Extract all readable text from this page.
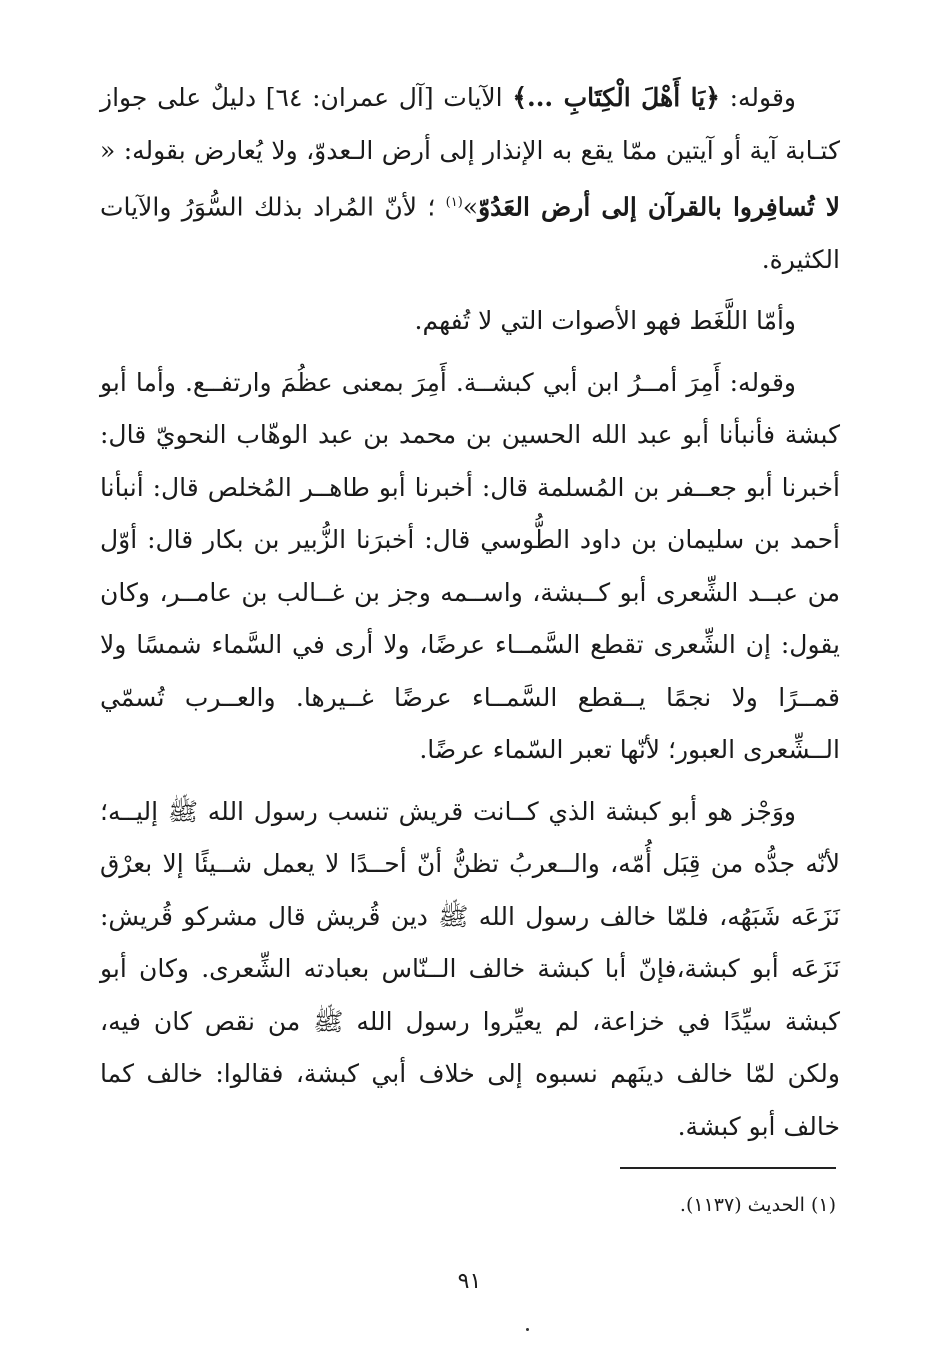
وقوله: ﴿يَا أَهْلَ الْكِتَابِ ...﴾ الآيات [آل عمران: ٦٤] دليلٌ على جواز كتـابة آية أو آيتين ممّا يقع به الإنذار إلى أرض الـعدوّ، ولا يُعارض بقوله: « لا تُسافِروا بالقرآن إلى أرض العَدُوّ»$^{(١)}$ ؛ لأنّ المُراد بذلك السُّوَرُ والآيات الكثيرة.

وأمّا اللَّغَط فهو الأصوات التي لا تُفهم.

وقوله: أَمِرَ أمــرُ ابن أبي كبشــة. أَمِرَ بمعنى عظُمَ وارتفــع. وأما أبو كبشة فأنبأنا أبو عبد الله الحسين بن محمد بن عبد الوهّاب النحويّ قال: أخبرنا أبو جعــفر بن المُسلمة قال: أخبرنا أبو طاهــر المُخلص قال: أنبأنا أحمد بن سليمان بن داود الطُّوسي قال: أخبرَنا الزُّبير بن بكار قال: أوّل من عبــد الشِّعرى أبو كــبشة، واســمه وجز بن غــالب بن عامــر، وكان يقول: إن الشِّعرى تقطع السَّمــاء عرضًا، ولا أرى في السَّماء شمسًا ولا قمــرًا ولا نجمًا يــقطع السَّمــاء عرضًا غــيرها. والعــرب تُسمّي الــشِّعرى العبور؛ لأنّها تعبر السّماء عرضًا.

ووَجْز هو أبو كبشة الذي كــانت قريش تنسب رسول الله ﷺ إليــه؛ لأنّه جدُّه من قِبَل أُمّه، والــعربُ تظنُّ أنّ أحــدًا لا يعمل شــيئًا إلا بعرْق نَزَعَه شَبَهُه، فلمّا خالف رسول الله ﷺ دين قُريش قال مشركو قُريش: نَزَعَه أبو كبشة،فإنّ أبا كبشة خالف الــنّاس بعبادته الشِّعرى. وكان أبو كبشة سيِّدًا في خزاعة، لم يعيِّروا رسول الله ﷺ من نقص كان فيه، ولكن لمّا خالف دينَهم نسبوه إلى خلاف أبي كبشة، فقالوا: خالف كما خالف أبو كبشة.

(١) الحديث (١١٣٧).
٩١
